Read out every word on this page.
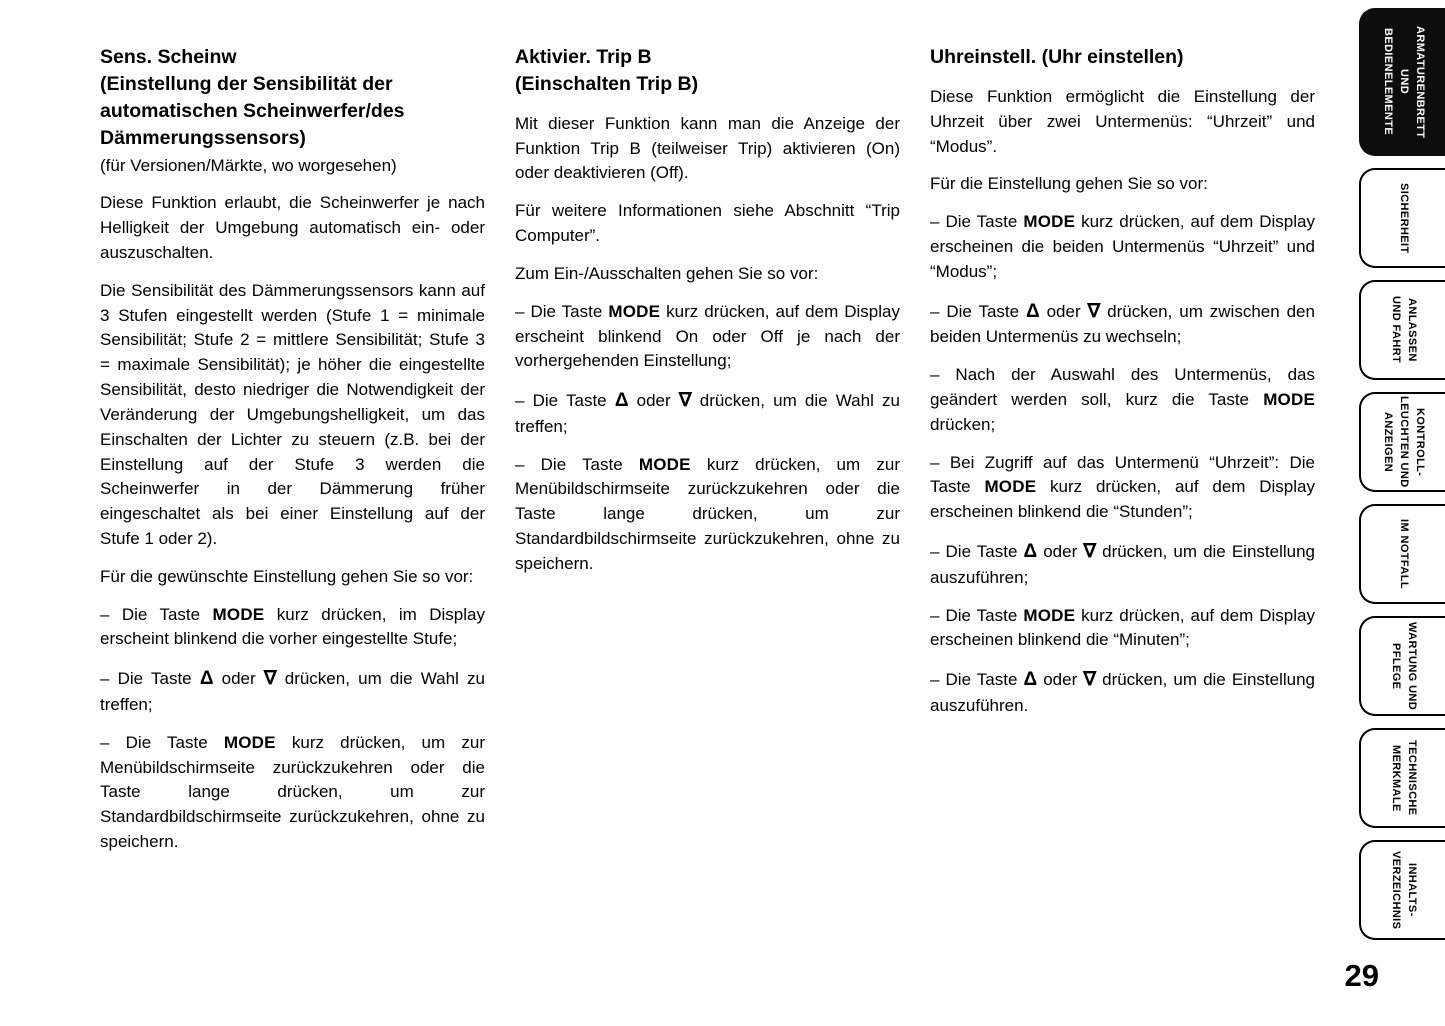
Sens. Scheinw
(Einstellung der Sensibilität der automatischen Scheinwerfer/des Dämmerungssensors)
(für Versionen/Märkte, wo worgesehen)

Diese Funktion erlaubt, die Scheinwerfer je nach Helligkeit der Umgebung automatisch ein- oder auszuschalten.

Die Sensibilität des Dämmerungssensors kann auf 3 Stufen eingestellt werden (Stufe 1 = minimale Sensibilität; Stufe 2 = mittlere Sensibilität; Stufe 3 = maximale Sensibilität); je höher die eingestellte Sensibilität, desto niedriger die Notwendigkeit der Veränderung der Umgebungshelligkeit, um das Einschalten der Lichter zu steuern (z.B. bei der Einstellung auf der Stufe 3 werden die Scheinwerfer in der Dämmerung früher eingeschaltet als bei einer Einstellung auf der Stufe 1 oder 2).

Für die gewünschte Einstellung gehen Sie so vor:

– Die Taste MODE kurz drücken, im Display erscheint blinkend die vorher eingestellte Stufe;

– Die Taste Δ oder ∇ drücken, um die Wahl zu treffen;

– Die Taste MODE kurz drücken, um zur Menübildschirmseite zurückzukehren oder die Taste lange drücken, um zur Standardbildschirmseite zurückzukehren, ohne zu speichern.

Aktivier. Trip B
(Einschalten Trip B)

Mit dieser Funktion kann man die Anzeige der Funktion Trip B (teilweiser Trip) aktivieren (On) oder deaktivieren (Off).

Für weitere Informationen siehe Abschnitt “Trip Computer”.

Zum Ein-/Ausschalten gehen Sie so vor:

– Die Taste MODE kurz drücken, auf dem Display erscheint blinkend On oder Off je nach der vorhergehenden Einstellung;

– Die Taste Δ oder ∇ drücken, um die Wahl zu treffen;

– Die Taste MODE kurz drücken, um zur Menübildschirmseite zurückzukehren oder die Taste lange drücken, um zur Standardbildschirmseite zurückzukehren, ohne zu speichern.

Uhreinstell. (Uhr einstellen)

Diese Funktion ermöglicht die Einstellung der Uhrzeit über zwei Untermenüs: “Uhrzeit” und “Modus”.

Für die Einstellung gehen Sie so vor:

– Die Taste MODE kurz drücken, auf dem Display erscheinen die beiden Untermenüs “Uhrzeit” und “Modus”;

– Die Taste Δ oder ∇ drücken, um zwischen den beiden Untermenüs zu wechseln;

– Nach der Auswahl des Untermenüs, das geändert werden soll, kurz die Taste MODE drücken;

– Bei Zugriff auf das Untermenü “Uhrzeit”: Die Taste MODE kurz drücken, auf dem Display erscheinen blinkend die “Stunden”;

– Die Taste Δ oder ∇ drücken, um die Einstellung auszuführen;

– Die Taste MODE kurz drücken, auf dem Display erscheinen blinkend die “Minuten”;

– Die Taste Δ oder ∇ drücken, um die Einstellung auszuführen.

ARMATURENBRETT
UND
BEDIENELEMENTE
SICHERHEIT
ANLASSEN
UND FAHRT
KONTROLL-
LEUCHTEN UND
ANZEIGEN
IM NOTFALL
WARTUNG UND
PFLEGE
TECHNISCHE
MERKMALE
INHALTS-
VERZEICHNIS
29
